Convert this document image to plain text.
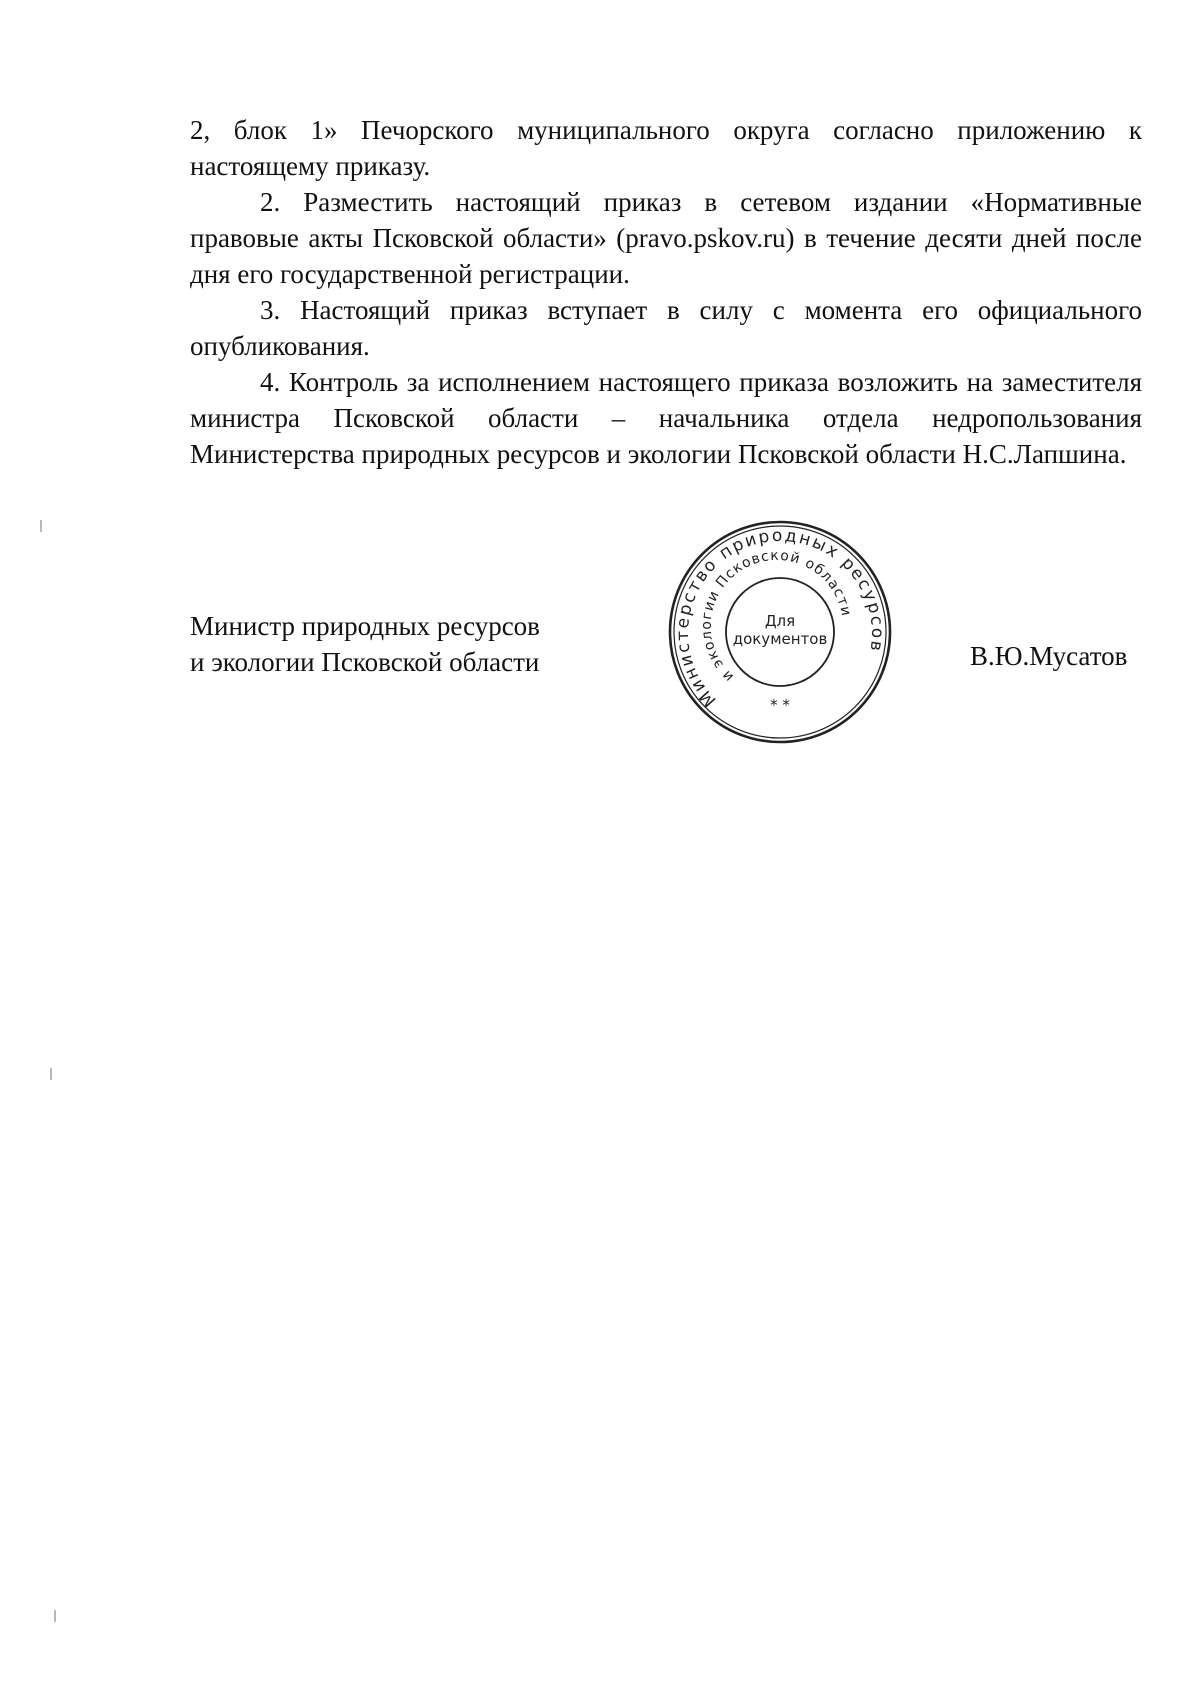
2, блок 1» Печорского муниципального округа согласно приложению к настоящему приказу.

2. Разместить настоящий приказ в сетевом издании «Нормативные правовые акты Псковской области» (pravo.pskov.ru) в течение десяти дней после дня его государственной регистрации.

3. Настоящий приказ вступает в силу с момента его официального опубликования.

4. Контроль за исполнением настоящего приказа возложить на заместителя министра Псковской области – начальника отдела недропользования Министерства природных ресурсов и экологии Псковской области Н.С.Лапшина.

Министр природных ресурсов
и экологии Псковской области
Министерство природных ресурсов
и экологии Псковской области
Для
документов
* *
В.Ю.Мусатов
